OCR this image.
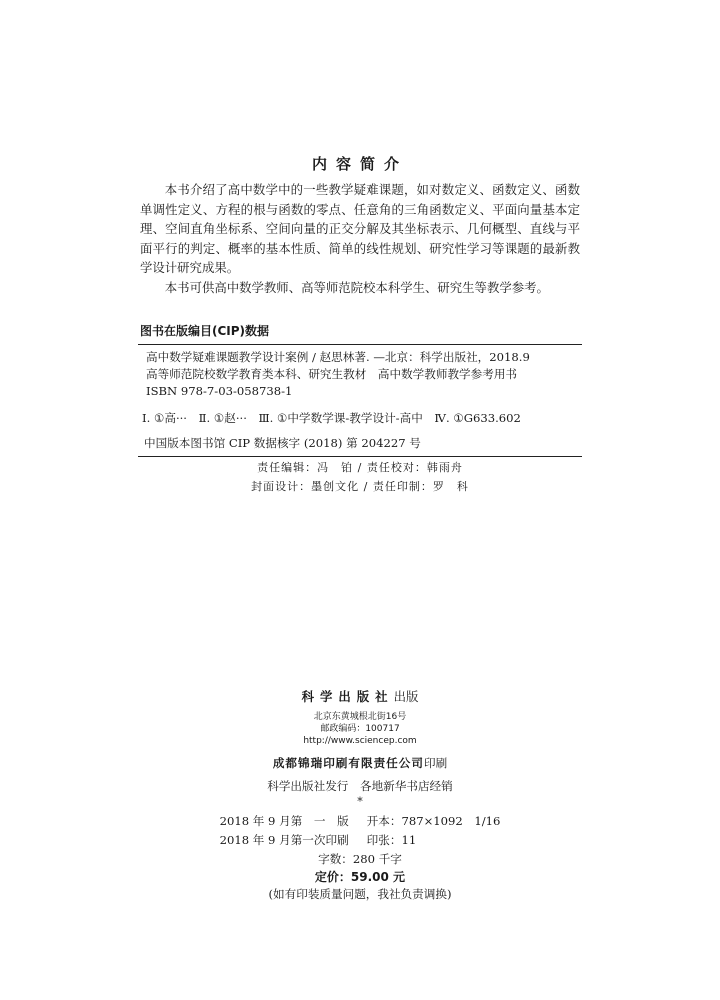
内容简介

本书介绍了高中数学中的一些教学疑难课题，如对数定义、函数定义、函数单调性定义、方程的根与函数的零点、任意角的三角函数定义、平面向量基本定理、空间直角坐标系、空间向量的正交分解及其坐标表示、几何概型、直线与平面平行的判定、概率的基本性质、简单的线性规划、研究性学习等课题的最新教学设计研究成果。

本书可供高中数学教师、高等师范院校本科学生、研究生等教学参考。

图书在版编目(CIP)数据
高中数学疑难课题教学设计案例 / 赵思林著. —北京：科学出版社，2018.9
高等师范院校数学教育类本科、研究生教材　高中数学教师教学参考用书
ISBN 978-7-03-058738-1
Ⅰ. ①高···　Ⅱ. ①赵···　Ⅲ. ①中学数学课-教学设计-高中　Ⅳ. ①G633.602
中国版本图书馆 CIP 数据核字 (2018) 第 204227 号
责任编辑：冯　铂 / 责任校对：韩雨舟
封面设计：墨创文化 / 责任印制：罗　科
科学出版社出版
北京东黄城根北街16号
邮政编码：100717
http://www.sciencep.com
成都锦瑞印刷有限责任公司印刷
科学出版社发行　各地新华书店经销
*
2018 年 9 月第　一　版	开本：787×1092　1/16
2018 年 9 月第一次印刷	印张：11
字数：280 千字
定价：59.00 元
(如有印装质量问题，我社负责调换)
